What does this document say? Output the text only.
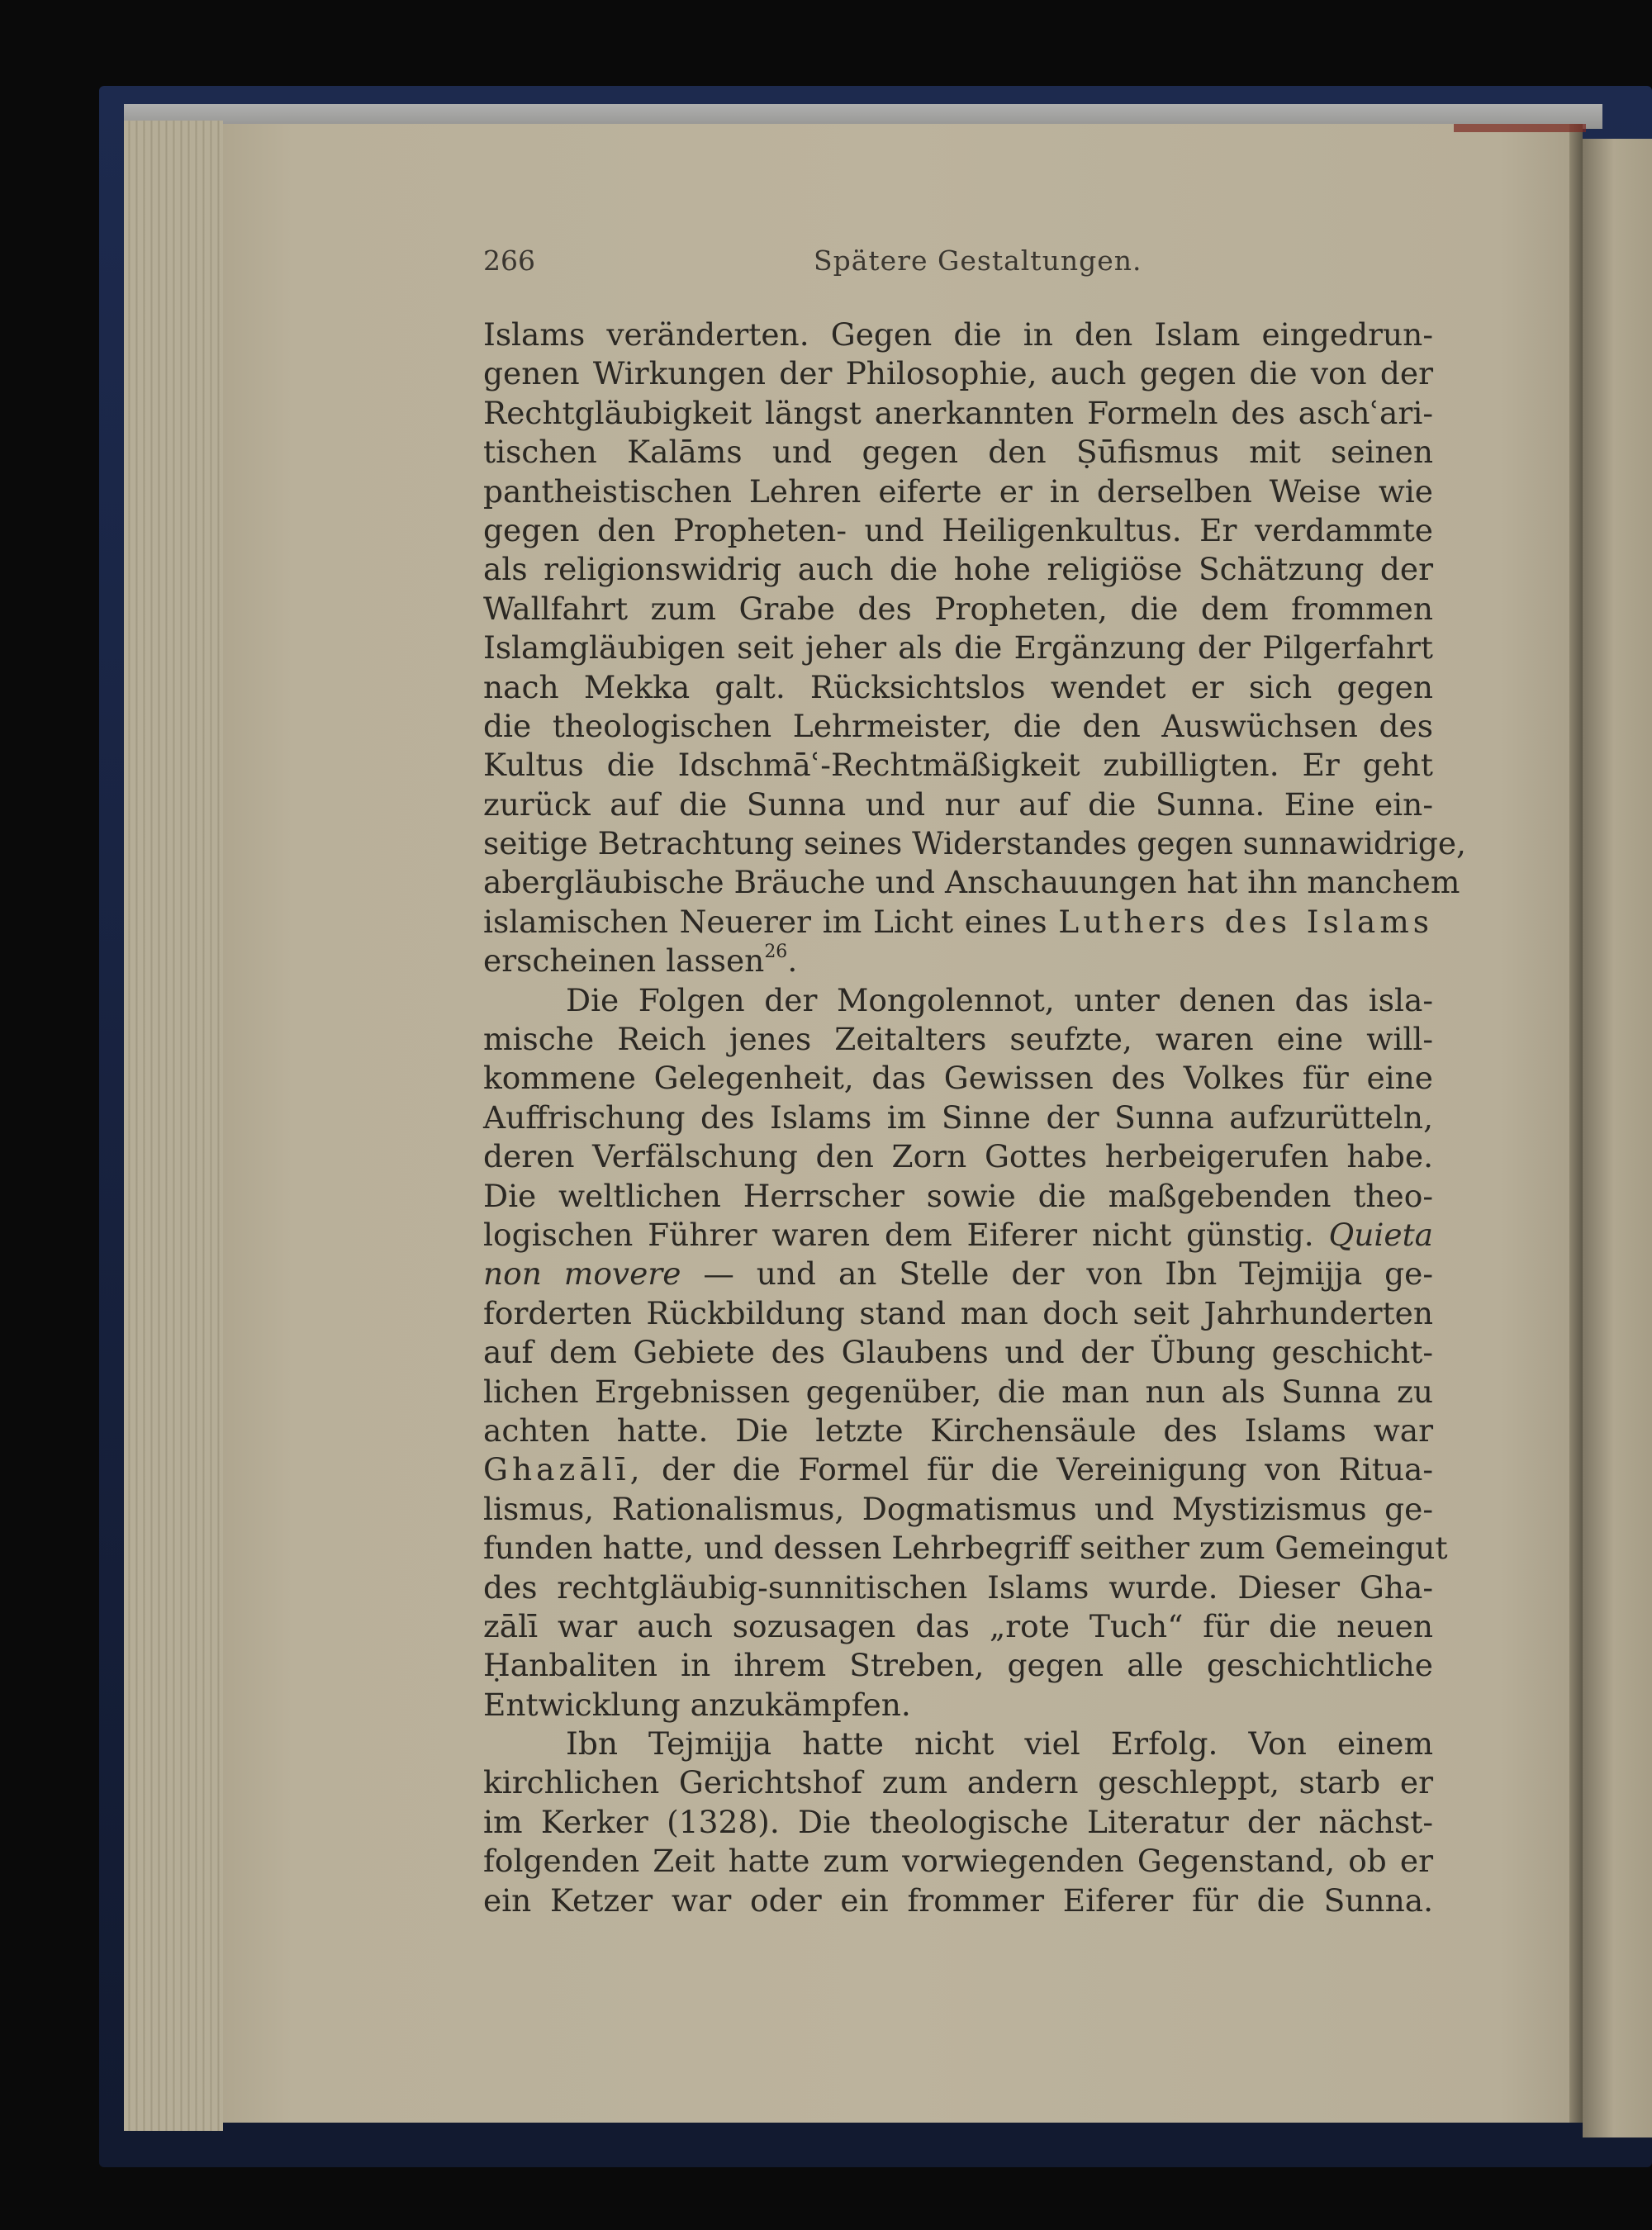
266	Spätere Gestaltungen.
Islams veränderten. Gegen die in den Islam eingedrun-
genen Wirkungen der Philosophie, auch gegen die von der
Rechtgläubigkeit längst anerkannten Formeln des aschʿari-
tischen Kalāms und gegen den Ṣūfismus mit seinen
pantheistischen Lehren eiferte er in derselben Weise wie
gegen den Propheten- und Heiligenkultus. Er verdammte
als religionswidrig auch die hohe religiöse Schätzung der
Wallfahrt zum Grabe des Propheten, die dem frommen
Islamgläubigen seit jeher als die Ergänzung der Pilgerfahrt
nach Mekka galt. Rücksichtslos wendet er sich gegen
die theologischen Lehrmeister, die den Auswüchsen des
Kultus die Idschmāʿ-Rechtmäßigkeit zubilligten. Er geht
zurück auf die Sunna und nur auf die Sunna. Eine ein-
seitige Betrachtung seines Widerstandes gegen sunnawidrige,
abergläubische Bräuche und Anschauungen hat ihn manchem
islamischen Neuerer im Licht eines Luthers des Islams
erscheinen lassen$^{26}$.
Die Folgen der Mongolennot, unter denen das isla-
mische Reich jenes Zeitalters seufzte, waren eine will-
kommene Gelegenheit, das Gewissen des Volkes für eine
Auffrischung des Islams im Sinne der Sunna aufzurütteln,
deren Verfälschung den Zorn Gottes herbeigerufen habe.
Die weltlichen Herrscher sowie die maßgebenden theo-
logischen Führer waren dem Eiferer nicht günstig. Quieta
non movere — und an Stelle der von Ibn Tejmijja ge-
forderten Rückbildung stand man doch seit Jahrhunderten
auf dem Gebiete des Glaubens und der Übung geschicht-
lichen Ergebnissen gegenüber, die man nun als Sunna zu
achten hatte. Die letzte Kirchensäule des Islams war
Ghazālī, der die Formel für die Vereinigung von Ritua-
lismus, Rationalismus, Dogmatismus und Mystizismus ge-
funden hatte, und dessen Lehrbegriff seither zum Gemeingut
des rechtgläubig-sunnitischen Islams wurde. Dieser Gha-
zālī war auch sozusagen das „rote Tuch“ für die neuen
Ḥanbaliten in ihrem Streben, gegen alle geschichtliche
Entwicklung anzukämpfen.
Ibn Tejmijja hatte nicht viel Erfolg. Von einem
kirchlichen Gerichtshof zum andern geschleppt, starb er
im Kerker (1328). Die theologische Literatur der nächst-
folgenden Zeit hatte zum vorwiegenden Gegenstand, ob er
ein Ketzer war oder ein frommer Eiferer für die Sunna.
